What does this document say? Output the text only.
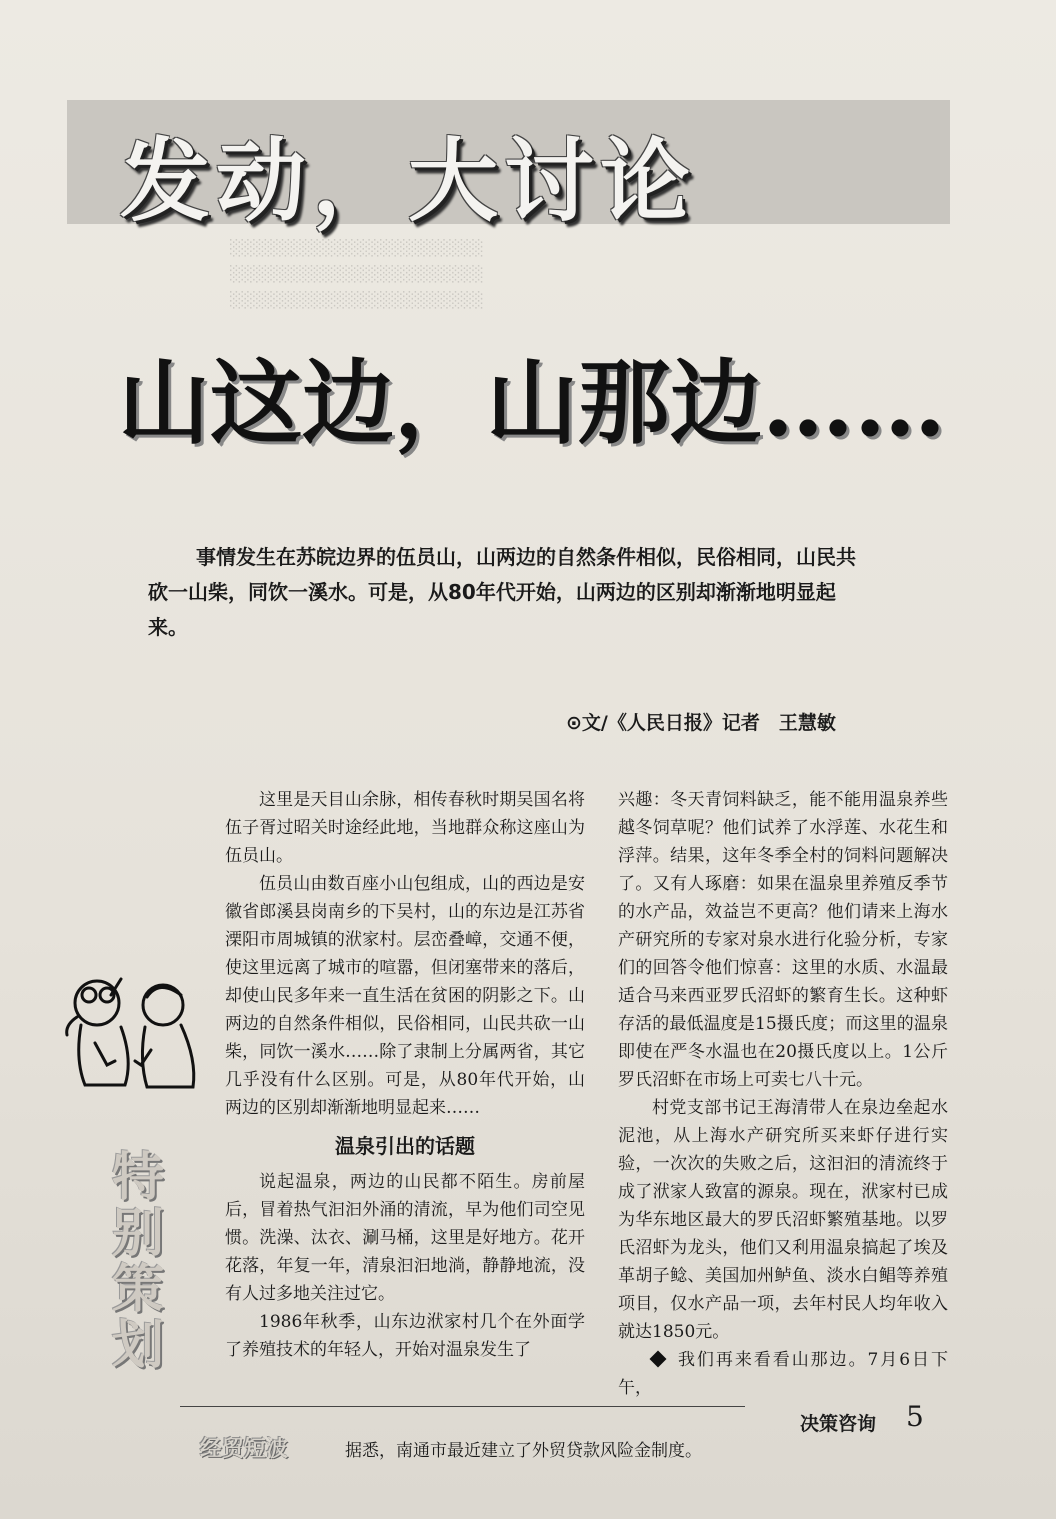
░░░░░░░░░░░░░░░░░░░░░░
░░░░░░░░░░░░░░░░░░░░░░
░░░░░░░░░░░░░░░░░░░░░░
发动，大讨论
山这边，山那边……

事情发生在苏皖边界的伍员山，山两边的自然条件相似，民俗相同，山民共砍一山柴，同饮一溪水。可是，从80年代开始，山两边的区别却渐渐地明显起来。

⊙文/《人民日报》记者　王慧敏

这里是天目山余脉，相传春秋时期吴国名将伍子胥过昭关时途经此地，当地群众称这座山为伍员山。

伍员山由数百座小山包组成，山的西边是安徽省郎溪县岗南乡的下吴村，山的东边是江苏省溧阳市周城镇的洑家村。层峦叠嶂，交通不便，使这里远离了城市的喧嚣，但闭塞带来的落后，却使山民多年来一直生活在贫困的阴影之下。山两边的自然条件相似，民俗相同，山民共砍一山柴，同饮一溪水……除了隶制上分属两省，其它几乎没有什么区别。可是，从80年代开始，山两边的区别却渐渐地明显起来……

温泉引出的话题

说起温泉，两边的山民都不陌生。房前屋后，冒着热气汩汩外涌的清流，早为他们司空见惯。洗澡、汰衣、涮马桶，这里是好地方。花开花落，年复一年，清泉汩汩地淌，静静地流，没有人过多地关注过它。

1986年秋季，山东边洑家村几个在外面学了养殖技术的年轻人，开始对温泉发生了

兴趣：冬天青饲料缺乏，能不能用温泉养些越冬饲草呢？他们试养了水浮莲、水花生和浮萍。结果，这年冬季全村的饲料问题解决了。又有人琢磨：如果在温泉里养殖反季节的水产品，效益岂不更高？他们请来上海水产研究所的专家对泉水进行化验分析，专家们的回答令他们惊喜：这里的水质、水温最适合马来西亚罗氏沼虾的繁育生长。这种虾存活的最低温度是15摄氏度；而这里的温泉即使在严冬水温也在20摄氏度以上。1公斤罗氏沼虾在市场上可卖七八十元。

村党支部书记王海清带人在泉边垒起水泥池，从上海水产研究所买来虾仔进行实验，一次次的失败之后，这汩汩的清流终于成了洑家人致富的源泉。现在，洑家村已成为华东地区最大的罗氏沼虾繁殖基地。以罗氏沼虾为龙头，他们又利用温泉搞起了埃及革胡子鲶、美国加州鲈鱼、淡水白鲳等养殖项目，仅水产品一项，去年村民人均年收入就达1850元。

我们再来看看山那边。7月6日下午，

特
别
策
划
决策咨询 5
经贸短波	据悉，南通市最近建立了外贸贷款风险金制度。
